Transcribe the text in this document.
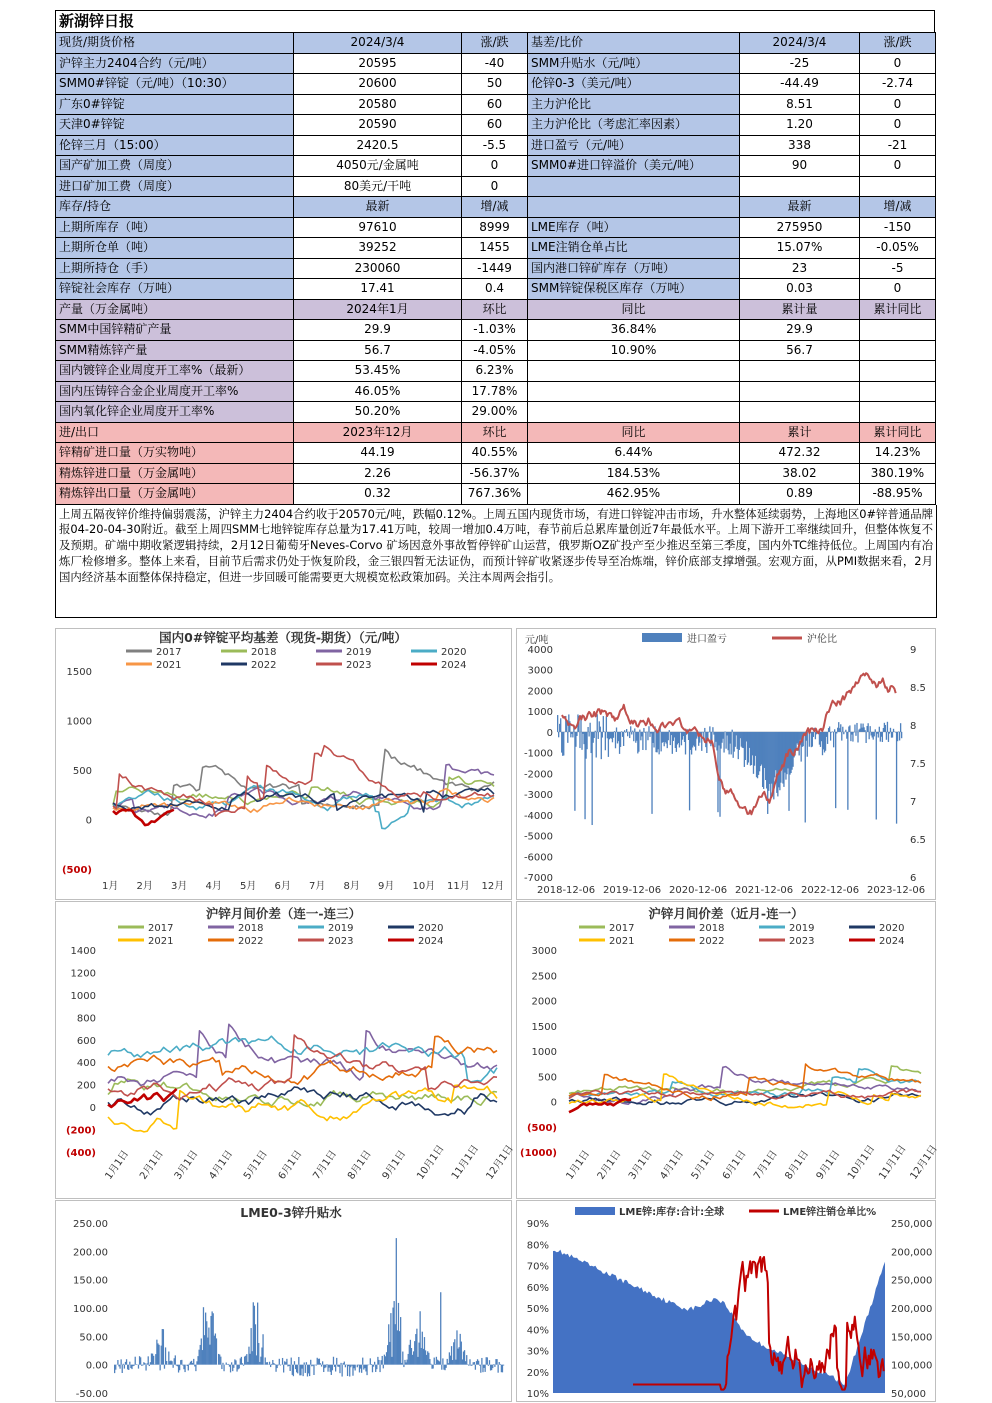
新湖锌日报
现货/期货价格	2024/3/4	涨/跌	基差/比价	2024/3/4	涨/跌
沪锌主力2404合约（元/吨）	20595	-40	SMM升贴水（元/吨）	-25	0
SMM0#锌锭（元/吨）（10:30）	20600	50	伦锌0-3（美元/吨）	-44.49	-2.74
广东0#锌锭	20580	60	主力沪伦比	8.51	0
天津0#锌锭	20590	60	主力沪伦比（考虑汇率因素）	1.20	0
伦锌三月（15:00）	2420.5	-5.5	进口盈亏（元/吨）	338	-21
国产矿加工费（周度）	4050元/金属吨	0	SMM0#进口锌溢价（美元/吨）	90	0
进口矿加工费（周度）	80美元/干吨	0			
库存/持仓	最新	增/减		最新	增/减
上期所库存（吨）	97610	8999	LME库存（吨）	275950	-150
上期所仓单（吨）	39252	1455	LME注销仓单占比	15.07%	-0.05%
上期所持仓（手）	230060	-1449	国内港口锌矿库存（万吨）	23	-5
锌锭社会库存（万吨）	17.41	0.4	SMM锌锭保税区库存（万吨）	0.03	0
产量（万金属吨）	2024年1月	环比	同比	累计量	累计同比
SMM中国锌精矿产量	29.9	-1.03%	36.84%	29.9	
SMM精炼锌产量	56.7	-4.05%	10.90%	56.7	
国内镀锌企业周度开工率%（最新）	53.45%	6.23%			
国内压铸锌合金企业周度开工率%	46.05%	17.78%			
国内氧化锌企业周度开工率%	50.20%	29.00%			
进/出口	2023年12月	环比	同比	累计	累计同比
锌精矿进口量（万实物吨）	44.19	40.55%	6.44%	472.32	14.23%
精炼锌进口量（万金属吨）	2.26	-56.37%	184.53%	38.02	380.19%
精炼锌出口量（万金属吨）	0.32	767.36%	462.95%	0.89	-88.95%
上周五隔夜锌价维持偏弱震荡，沪锌主力2404合约收于20570元/吨，跌幅0.12%。上周五国内现货市场，有进口锌锭冲击市场，升水整体延续弱势，上海地区0#锌普通品牌报04-20-04-30附近。截至上周四SMM七地锌锭库存总量为17.41万吨，较周一增加0.4万吨，春节前后总累库量创近7年最低水平。上周下游开工率继续回升，但整体恢复不及预期。矿端中期收紧逻辑持续，2月12日葡萄牙Neves-Corvo 矿场因意外事故暂停锌矿山运营，俄罗斯OZ矿投产至少推迟至第三季度，国内外TC维持低位。上周国内有冶炼厂检修增多。整体上来看，目前节后需求仍处于恢复阶段，金三银四暂无法证伪，而预计锌矿收紧逐步传导至冶炼端，锌价底部支撑增强。宏观方面，从PMI数据来看，2月国内经济基本面整体保持稳定，但进一步回暖可能需要更大规模宽松政策加码。关注本周两会指引。
国内0#锌锭平均基差（现货-期货）（元/吨）
2017	2018	2019	2020
2021	2022	2023	2024
1500
1000
500
0
(500)
1月 2月 3月 4月 5月 6月 7月 8月 9月 10月 11月 12月
元/吨	进口盈亏	沪伦比
4000
3000
2000
1000
0
-1000
-2000
-3000
-4000
-5000
-6000
-7000
9
8.5
8
7.5
7
6.5
6
2018-12-06 2019-12-06 2020-12-06 2021-12-06 2022-12-06 2023-12-06
沪锌月间价差（连一-连三）
2017	2018	2019	2020
2021	2022	2023	2024
1400
1200
1000
800
600
400
200
0
(200)
(400) 1月1日 2月1日 3月1日 4月1日 5月1日 6月1日 7月1日 8月1日 9月1日 10月1日 11月1日 12月1日
沪锌月间价差（近月-连一）
2017	2018	2019	2020
2021	2022	2023	2024
3000
2500
2000
1500
1000
500
0
(500)
(1000) 1月1日 2月1日 3月1日 4月1日 5月1日 6月1日 7月1日 8月1日 9月1日 10月1日 11月1日 12月1日
LME0-3锌升贴水
250.00
200.00
150.00
100.00
50.00
0.00
-50.00
LME锌:库存:合计:全球	LME锌注销仓单比%
90%
80%
70%
60%
50%
40%
30%
20%
10%
250,000
200,000
250,000
200,000
150,000
100,000
50,000
